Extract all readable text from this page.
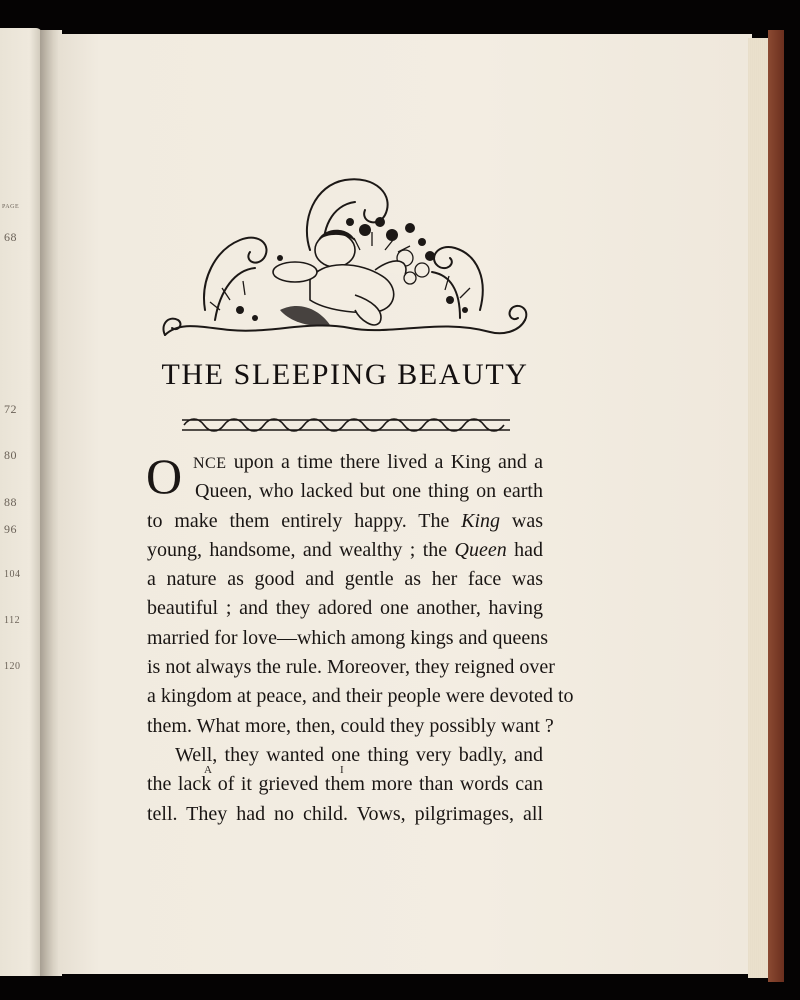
PAGE
68
72
80
88
96
104
112
120
THE SLEEPING BEAUTY
O NCE upon a time there lived a King and a
Queen, who lacked but one thing on earth
to make them entirely happy. The King was
young, handsome, and wealthy ; the Queen had
a nature as good and gentle as her face was
beautiful ; and they adored one another, having
married for love—which among kings and queens
is not always the rule. Moreover, they reigned over
a kingdom at peace, and their people were devoted to
them. What more, then, could they possibly want ?
Well, they wanted one thing very badly, and
the lack of it grieved them more than words can
tell. They had no child. Vows, pilgrimages, all
A	I
